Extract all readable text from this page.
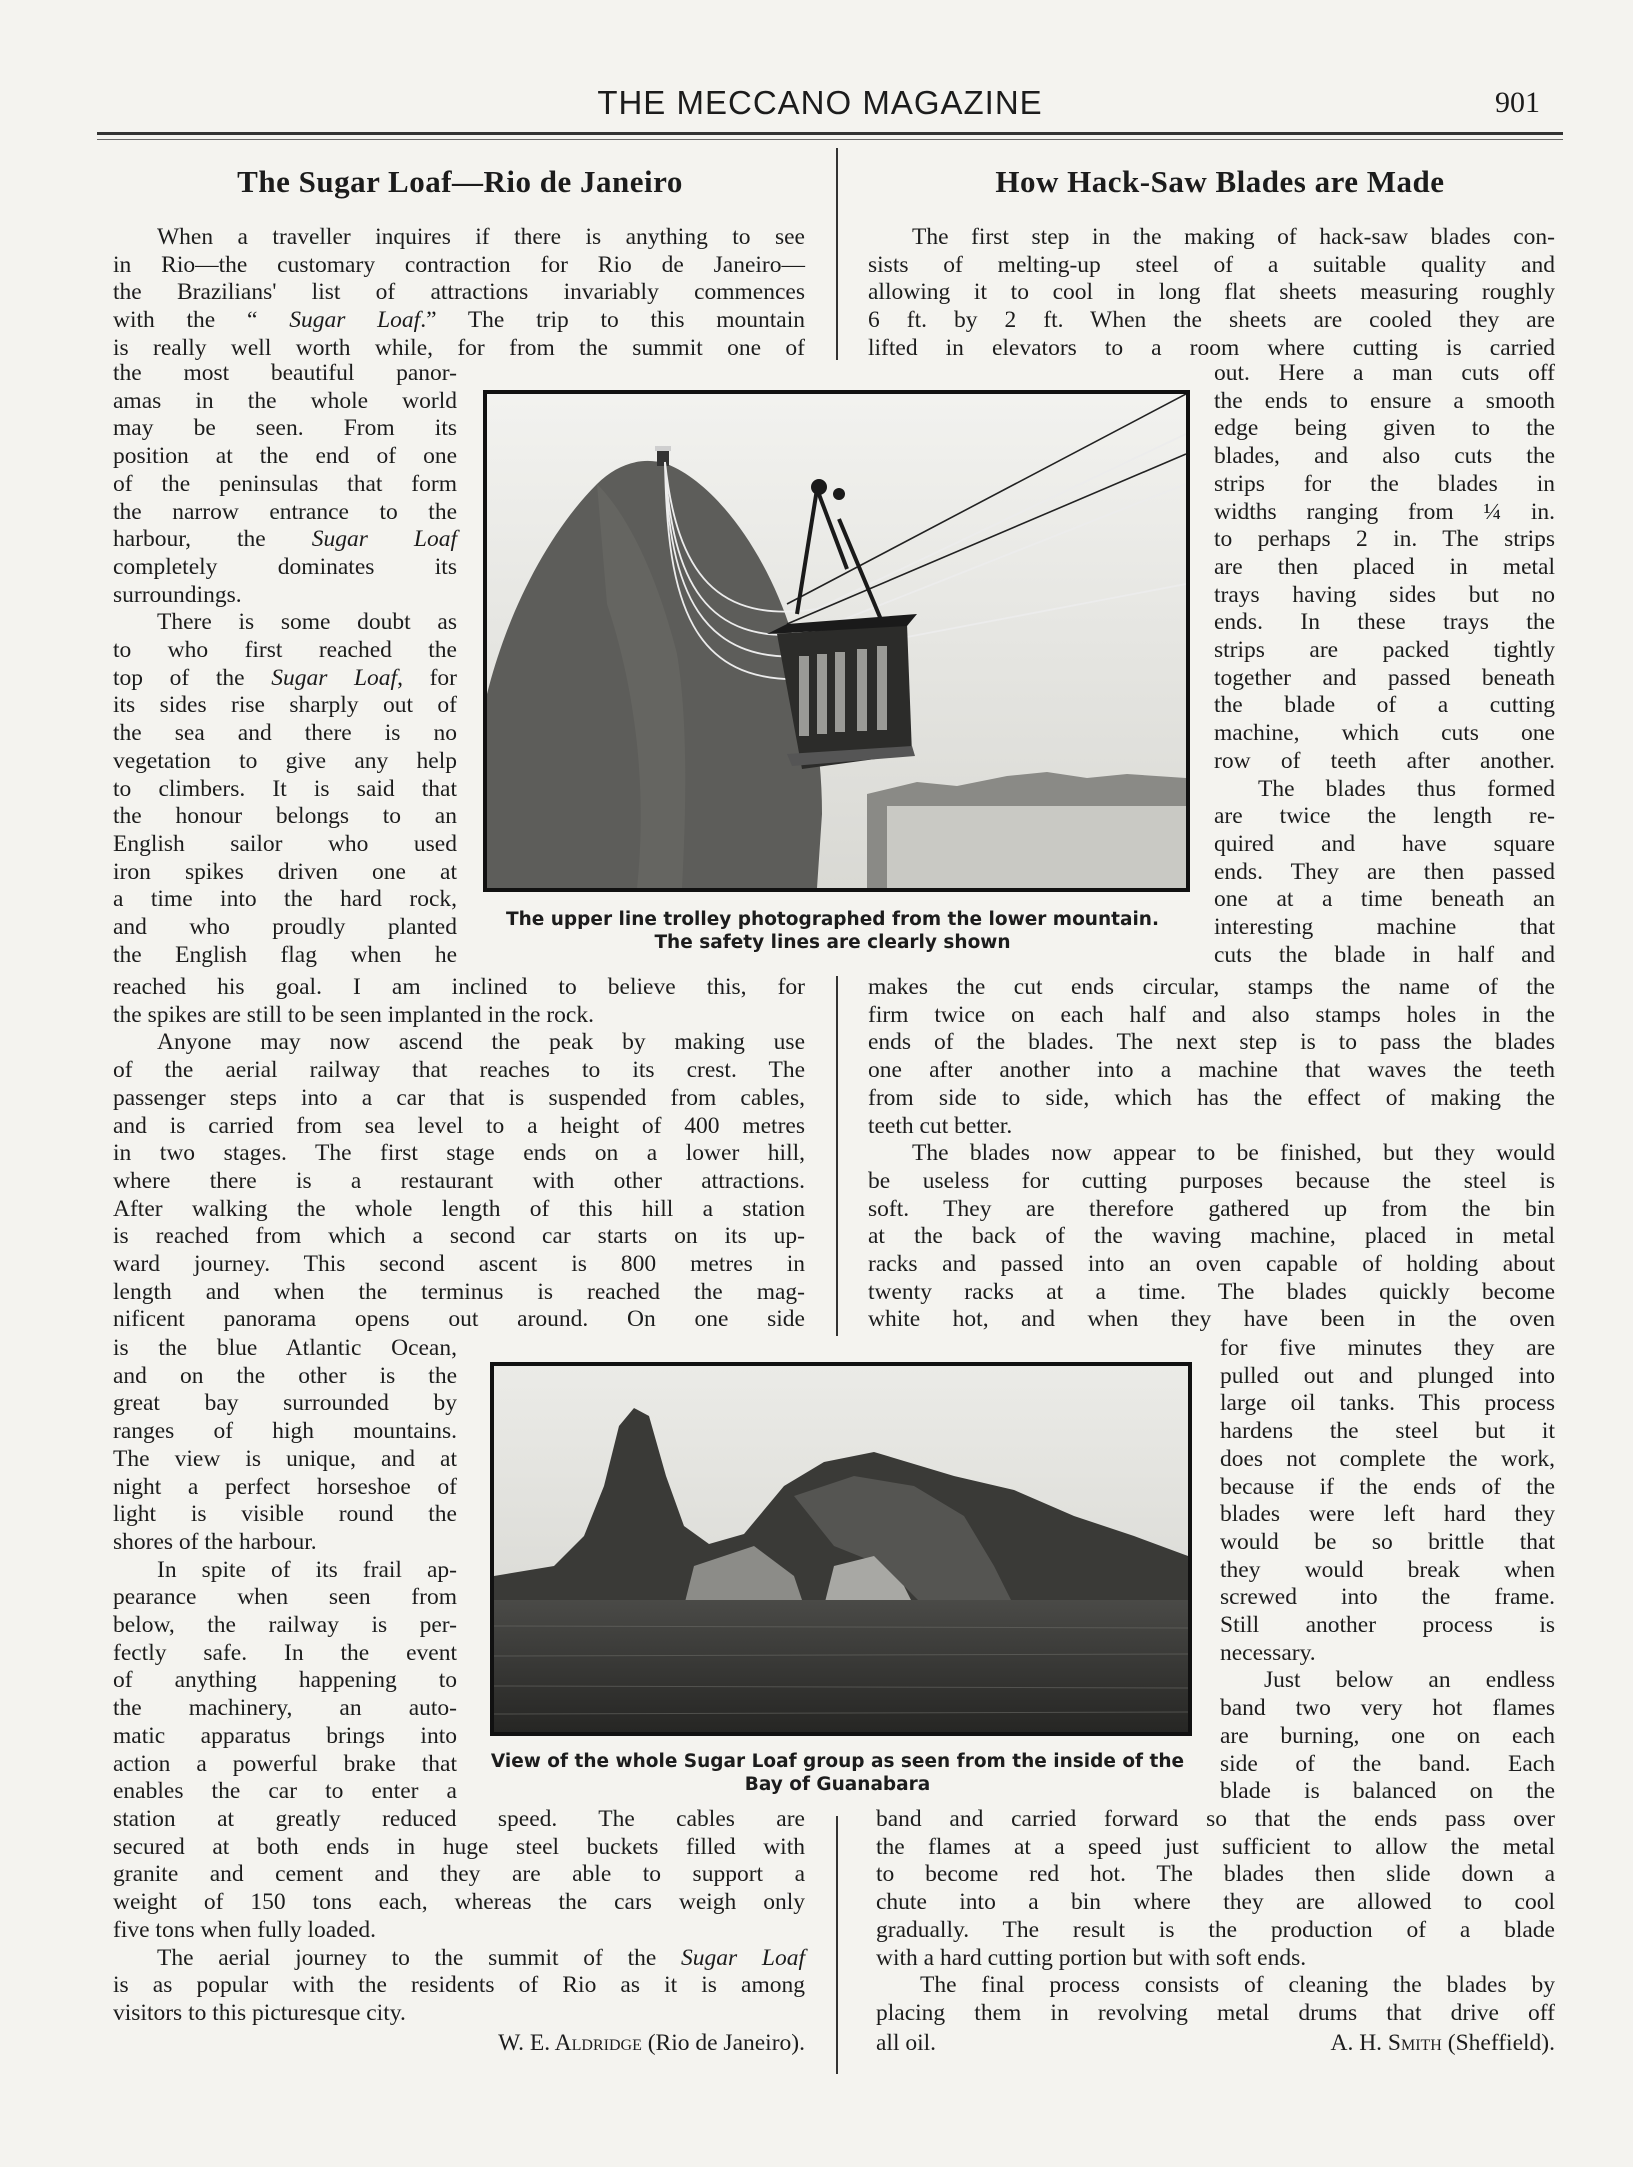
THE MECCANO MAGAZINE	901
The Sugar Loaf—Rio de Janeiro
When a traveller inquires if there is anything to see
in Rio—the customary contraction for Rio de Janeiro—
the Brazilians' list of attractions invariably commences
with the “ Sugar Loaf.” The trip to this mountain
is really well worth while, for from the summit one of
the most beautiful panor-
amas in the whole world
may be seen. From its
position at the end of one
of the peninsulas that form
the narrow entrance to the
harbour, the Sugar Loaf
completely dominates its
surroundings.
There is some doubt as
to who first reached the
top of the Sugar Loaf, for
its sides rise sharply out of
the sea and there is no
vegetation to give any help
to climbers. It is said that
the honour belongs to an
English sailor who used
iron spikes driven one at
a time into the hard rock,
and who proudly planted
the English flag when he
reached his goal. I am inclined to believe this, for
the spikes are still to be seen implanted in the rock.
Anyone may now ascend the peak by making use
of the aerial railway that reaches to its crest. The
passenger steps into a car that is suspended from cables,
and is carried from sea level to a height of 400 metres
in two stages. The first stage ends on a lower hill,
where there is a restaurant with other attractions.
After walking the whole length of this hill a station
is reached from which a second car starts on its up-
ward journey. This second ascent is 800 metres in
length and when the terminus is reached the mag-
nificent panorama opens out around. On one side
is the blue Atlantic Ocean,
and on the other is the
great bay surrounded by
ranges of high mountains.
The view is unique, and at
night a perfect horseshoe of
light is visible round the
shores of the harbour.
In spite of its frail ap-
pearance when seen from
below, the railway is per-
fectly safe. In the event
of anything happening to
the machinery, an auto-
matic apparatus brings into
action a powerful brake that
enables the car to enter a
station at greatly reduced speed. The cables are
secured at both ends in huge steel buckets filled with
granite and cement and they are able to support a
weight of 150 tons each, whereas the cars weigh only
five tons when fully loaded.
The aerial journey to the summit of the Sugar Loaf
is as popular with the residents of Rio as it is among
visitors to this picturesque city.
W. E. Aldridge (Rio de Janeiro).
How Hack-Saw Blades are Made
The first step in the making of hack-saw blades con-
sists of melting-up steel of a suitable quality and
allowing it to cool in long flat sheets measuring roughly
6 ft. by 2 ft. When the sheets are cooled they are
lifted in elevators to a room where cutting is carried
out. Here a man cuts off
the ends to ensure a smooth
edge being given to the
blades, and also cuts the
strips for the blades in
widths ranging from ¼ in.
to perhaps 2 in. The strips
are then placed in metal
trays having sides but no
ends. In these trays the
strips are packed tightly
together and passed beneath
the blade of a cutting
machine, which cuts one
row of teeth after another.
The blades thus formed
are twice the length re-
quired and have square
ends. They are then passed
one at a time beneath an
interesting machine that
cuts the blade in half and
makes the cut ends circular, stamps the name of the
firm twice on each half and also stamps holes in the
ends of the blades. The next step is to pass the blades
one after another into a machine that waves the teeth
from side to side, which has the effect of making the
teeth cut better.
The blades now appear to be finished, but they would
be useless for cutting purposes because the steel is
soft. They are therefore gathered up from the bin
at the back of the waving machine, placed in metal
racks and passed into an oven capable of holding about
twenty racks at a time. The blades quickly become
white hot, and when they have been in the oven
for five minutes they are
pulled out and plunged into
large oil tanks. This process
hardens the steel but it
does not complete the work,
because if the ends of the
blades were left hard they
would be so brittle that
they would break when
screwed into the frame.
Still another process is
necessary.
Just below an endless
band two very hot flames
are burning, one on each
side of the band. Each
blade is balanced on the
band and carried forward so that the ends pass over
the flames at a speed just sufficient to allow the metal
to become red hot. The blades then slide down a
chute into a bin where they are allowed to cool
gradually. The result is the production of a blade
with a hard cutting portion but with soft ends.
The final process consists of cleaning the blades by
placing them in revolving metal drums that drive off
all oil.	A. H. Smith (Sheffield).
The upper line trolley photographed from the lower mountain.
The safety lines are clearly shown
View of the whole Sugar Loaf group as seen from the inside of the
Bay of Guanabara
